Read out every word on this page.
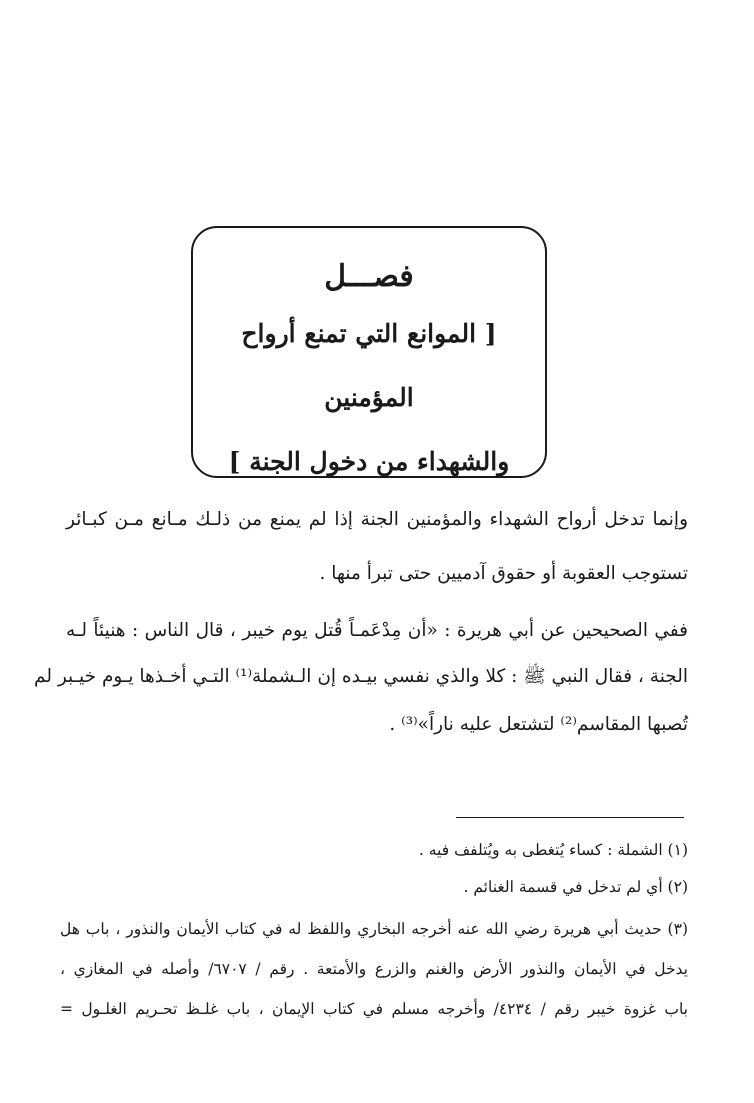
فصـــل
[ الموانع التي تمنع أرواح المؤمنين
والشهداء من دخول الجنة ]
وإنما تدخل أرواح الشهداء والمؤمنين الجنة إذا لم يمنع من ذلـك مـانع مـن كبـائر
تستوجب العقوبة أو حقوق آدميين حتى تبرأ منها .
ففي الصحيحين عن أبي هريرة : «أن مِدْعَمـاً قُتل يوم خيبر ، قال الناس : هنيئاً لـه
الجنة ، فقال النبي ﷺ : كلا والذي نفسي بيـده إن الـشملة⁽¹⁾ التـي أخـذها يـوم خيـبر لم
تُصبها المقاسم⁽²⁾ لتشتعل عليه ناراً»⁽³⁾ .
(١) الشملة : كساء يُتغطى به ويُتلفف فيه .
(٢) أي لم تدخل في قسمة الغنائم .
(٣) حديث أبي هريرة رضي الله عنه أخرجه البخاري واللفظ له في كتاب الأيمان والنذور ، باب هل
يدخل في الأيمان والنذور الأرض والغنم والزرع والأمتعة . رقم / ٦٧٠٧/ وأصله في المغازي ،
باب غزوة خيبر رقم / ٤٢٣٤/ وأخرجه مسلم في كتاب الإيمان ، باب غلـظ تحـريم الغلـول =
